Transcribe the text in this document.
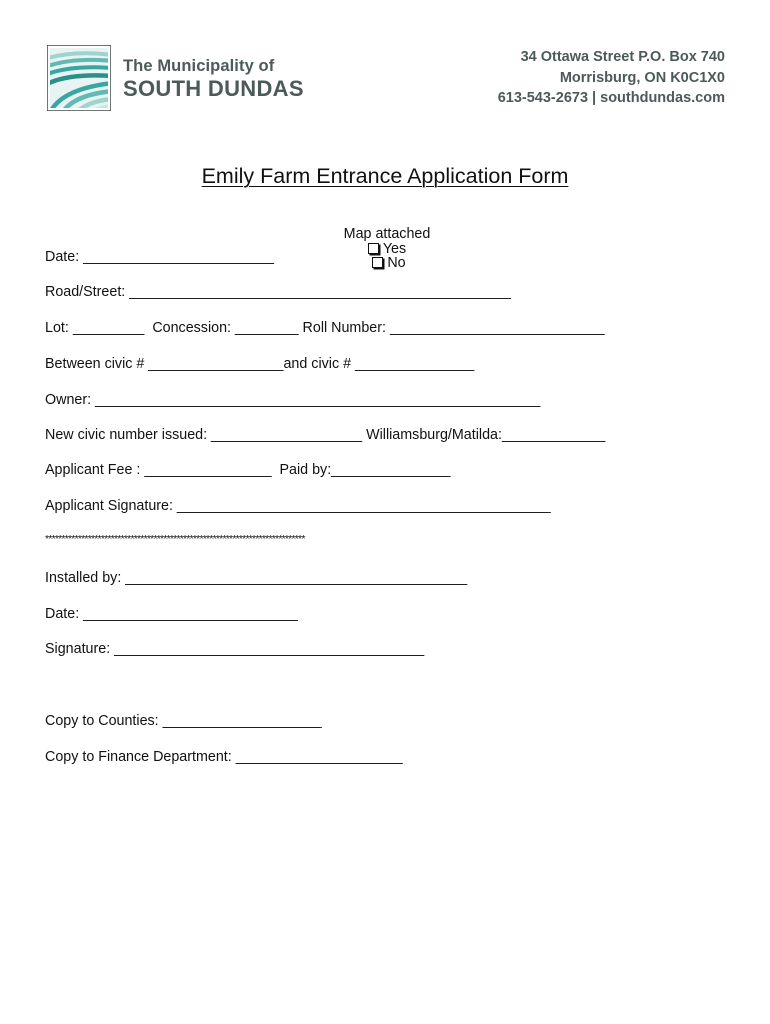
The Municipality of
SOUTH DUNDAS
34 Ottawa Street P.O. Box 740
Morrisburg, ON K0C1X0
613-543-2673 | southdundas.com
Emily Farm Entrance Application Form

Map attached
Yes
No

Date: ________________________
Road/Street: ________________________________________________
Lot: _________  Concession: ________ Roll Number: ___________________________
Between civic # _________________and civic # _______________
Owner: ________________________________________________________
New civic number issued: ___________________ Williamsburg/Matilda:_____________
Applicant Fee : ________________  Paid by:_______________
Applicant Signature: _______________________________________________
*******************************************************************************
Installed by: ___________________________________________
Date: ___________________________
Signature: _______________________________________
Copy to Counties: ____________________
Copy to Finance Department: _____________________
